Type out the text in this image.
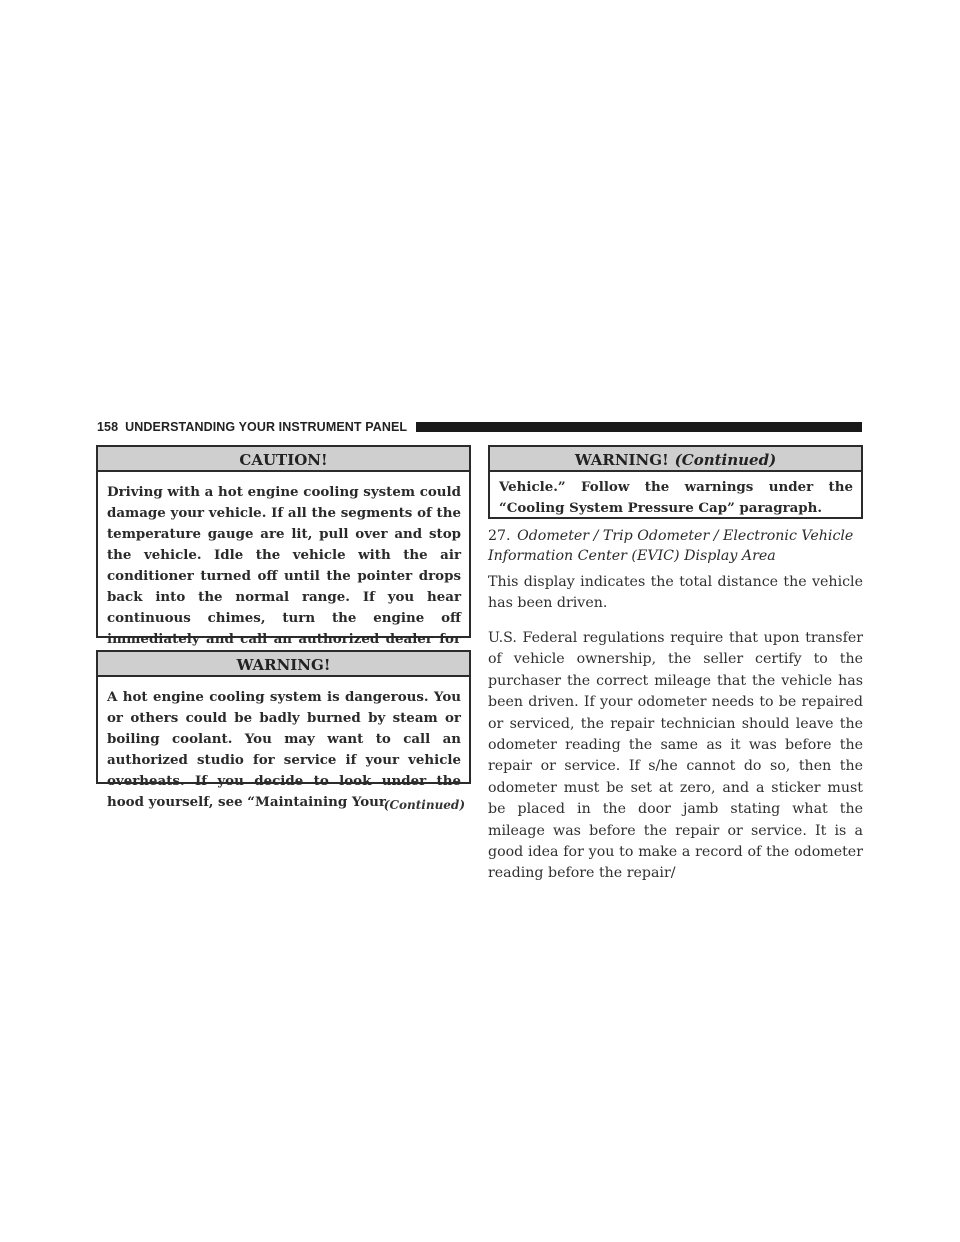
158 UNDERSTANDING YOUR INSTRUMENT PANEL
CAUTION!

Driving with a hot engine cooling system could damage your vehicle. If all the segments of the temperature gauge are lit, pull over and stop the vehicle. Idle the vehicle with the air conditioner turned off until the pointer drops back into the normal range. If you hear continuous chimes, turn the engine off immediately and call an authorized dealer for

WARNING!

A hot engine cooling system is dangerous. You or others could be badly burned by steam or boiling coolant. You may want to call an authorized studio for service if your vehicle overheats. If you decide to look under the hood yourself, see “Maintaining Your

(Continued)
WARNING! (Continued)

Vehicle.” Follow the warnings under the “Cooling System Pressure Cap” paragraph.

27. Odometer / Trip Odometer / Electronic Vehicle Information Center (EVIC) Display Area

This display indicates the total distance the vehicle has been driven.

U.S. Federal regulations require that upon transfer of vehicle ownership, the seller certify to the purchaser the correct mileage that the vehicle has been driven. If your odometer needs to be repaired or serviced, the repair technician should leave the odometer reading the same as it was before the repair or service. If s/he cannot do so, then the odometer must be set at zero, and a sticker must be placed in the door jamb stating what the mileage was before the repair or service. It is a good idea for you to make a record of the odometer reading before the repair/
